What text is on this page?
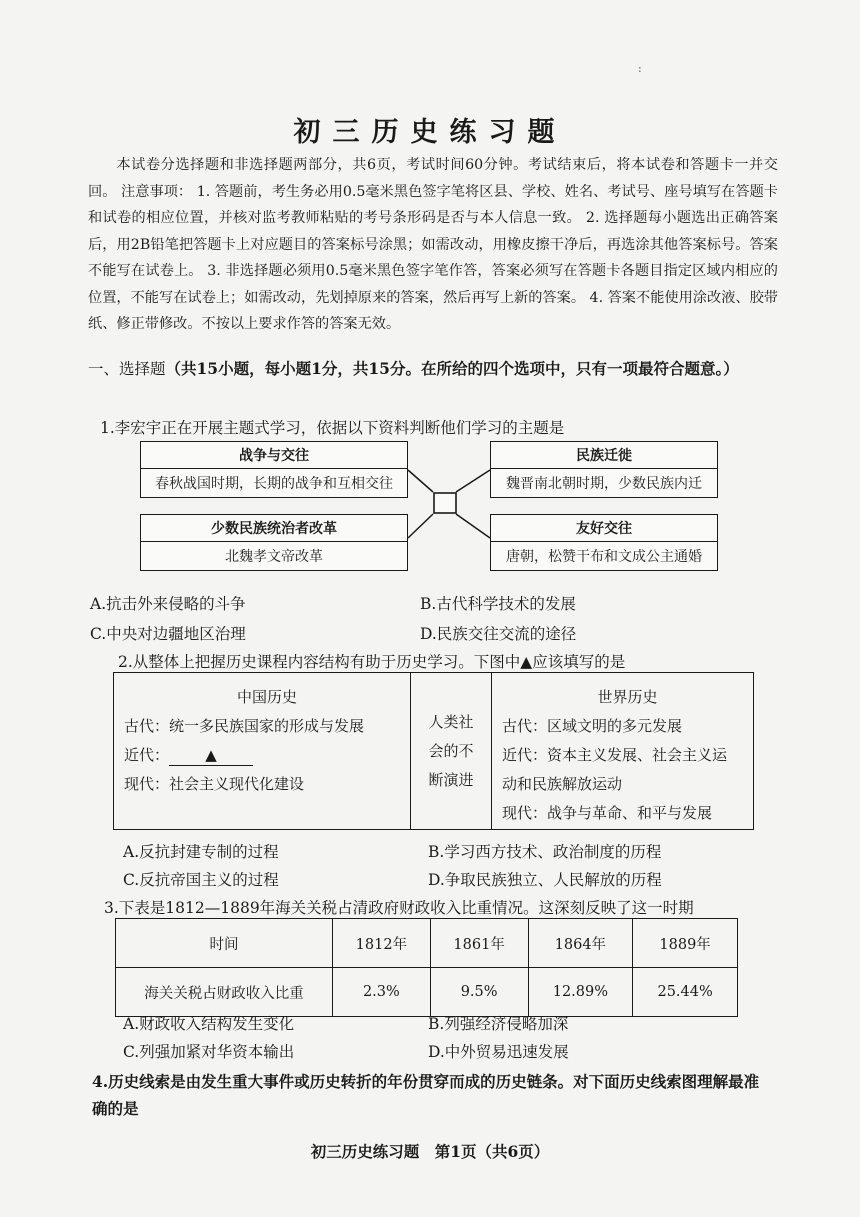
:
初三历史练习题
本试卷分选择题和非选择题两部分，共6页，考试时间60分钟。考试结束后，将本试卷和答题卡一并交回。 注意事项： 1. 答题前，考生务必用0.5毫米黑色签字笔将区县、学校、姓名、考试号、座号填写在答题卡和试卷的相应位置，并核对监考教师粘贴的考号条形码是否与本人信息一致。 2. 选择题每小题选出正确答案后，用2B铅笔把答题卡上对应题目的答案标号涂黑；如需改动，用橡皮擦干净后，再选涂其他答案标号。答案不能写在试卷上。 3. 非选择题必须用0.5毫米黑色签字笔作答，答案必须写在答题卡各题目指定区域内相应的位置，不能写在试卷上；如需改动，先划掉原来的答案，然后再写上新的答案。 4. 答案不能使用涂改液、胶带纸、修正带修改。不按以上要求作答的答案无效。
一、选择题（共15小题，每小题1分，共15分。在所给的四个选项中，只有一项最符合题意。）
1.李宏宇正在开展主题式学习，依据以下资料判断他们学习的主题是
战争与交往
春秋战国时期，长期的战争和互相交往
少数民族统治者改革
北魏孝文帝改革
民族迁徙
魏晋南北朝时期，少数民族内迁
友好交往
唐朝，松赞干布和文成公主通婚
A.抗击外来侵略的斗争	B.古代科学技术的发展
C.中央对边疆地区治理	D.民族交往交流的途径
2.从整体上把握历史课程内容结构有助于历史学习。下图中▲应该填写的是
中国历史
古代：统一多民族国家的形成与发展
近代： ▲
现代：社会主义现代化建设

人类社
会的不
断演进

世界历史
古代：区域文明的多元发展
近代：资本主义发展、社会主义运
动和民族解放运动
现代：战争与革命、和平与发展
A.反抗封建专制的过程	B.学习西方技术、政治制度的历程
C.反抗帝国主义的过程	D.争取民族独立、人民解放的历程
3.下表是1812—1889年海关关税占清政府财政收入比重情况。这深刻反映了这一时期
时间	1812年	1861年	1864年	1889年
海关关税占财政收入比重	2.3%	9.5%	12.89%	25.44%
A.财政收入结构发生变化	B.列强经济侵略加深
C.列强加紧对华资本输出	D.中外贸易迅速发展
4.历史线索是由发生重大事件或历史转折的年份贯穿而成的历史链条。对下面历史线索图理解最准确的是
初三历史练习题　第1页（共6页）
